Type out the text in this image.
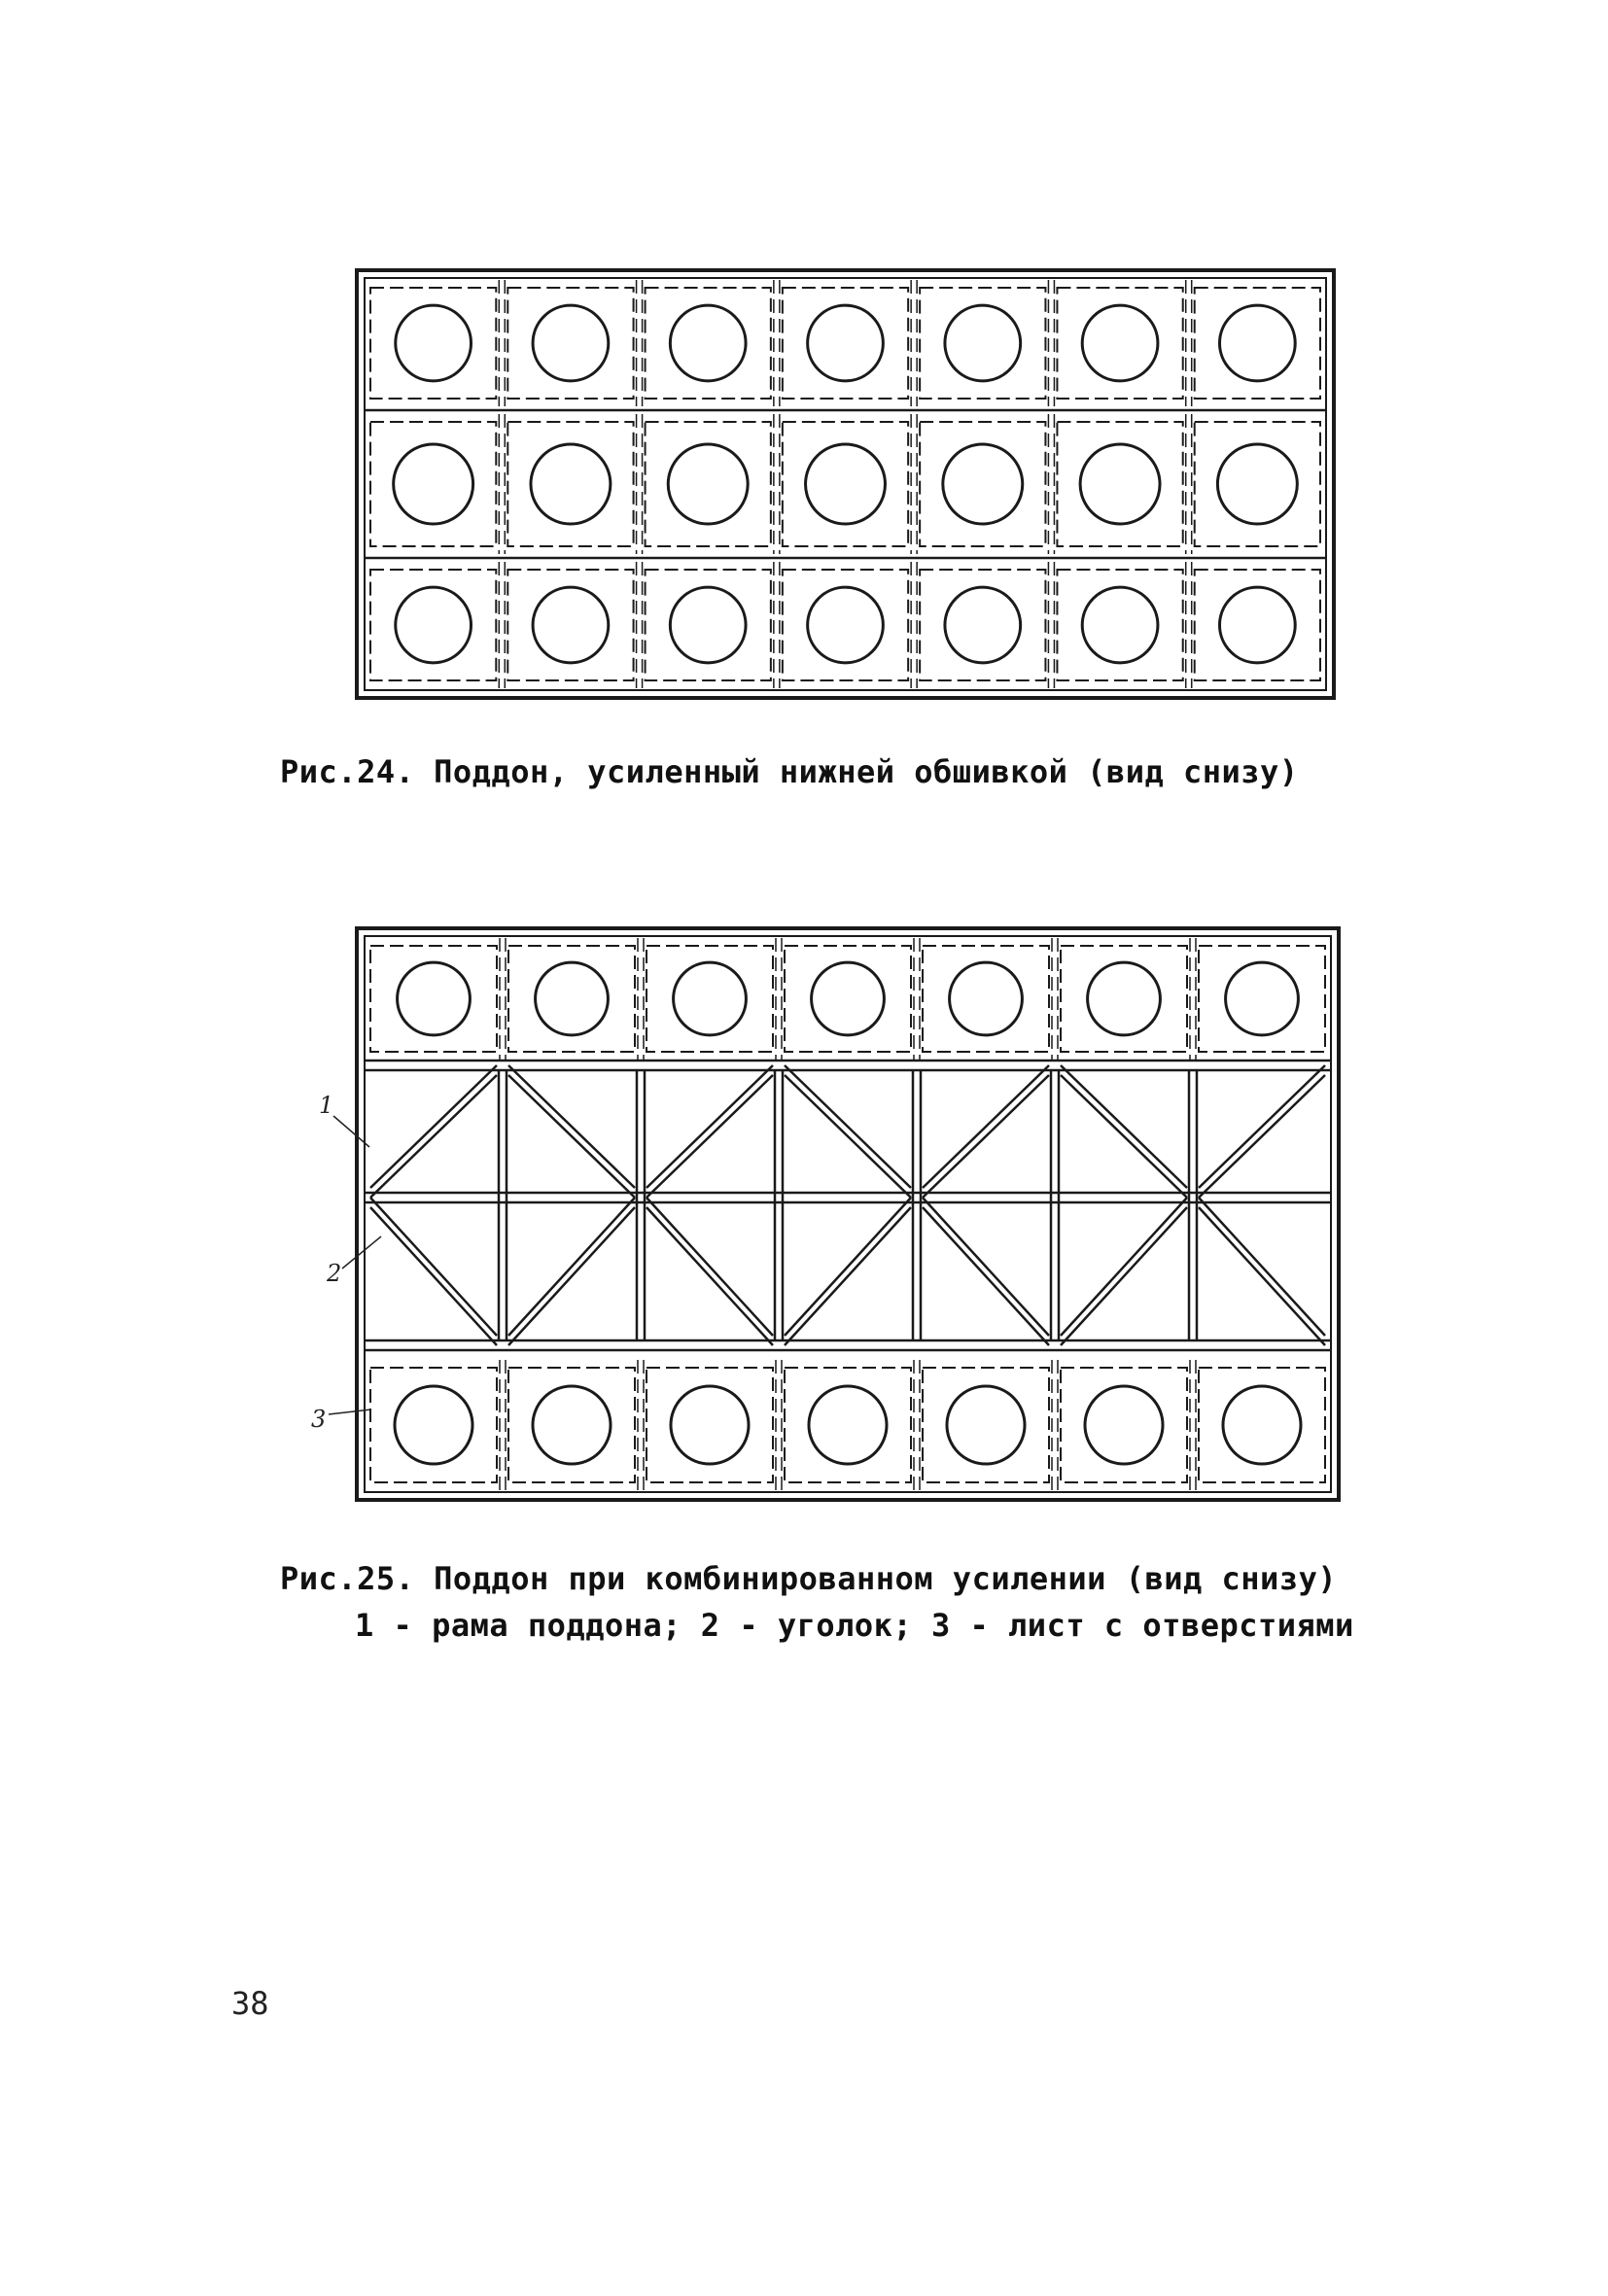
1
2
3
Рис.24. Поддон, усиленный нижней обшивкой (вид снизу)
Рис.25. Поддон при комбинированном усилении (вид снизу)
1 - рама поддона; 2 - уголок; 3 - лист с отверстиями
38
